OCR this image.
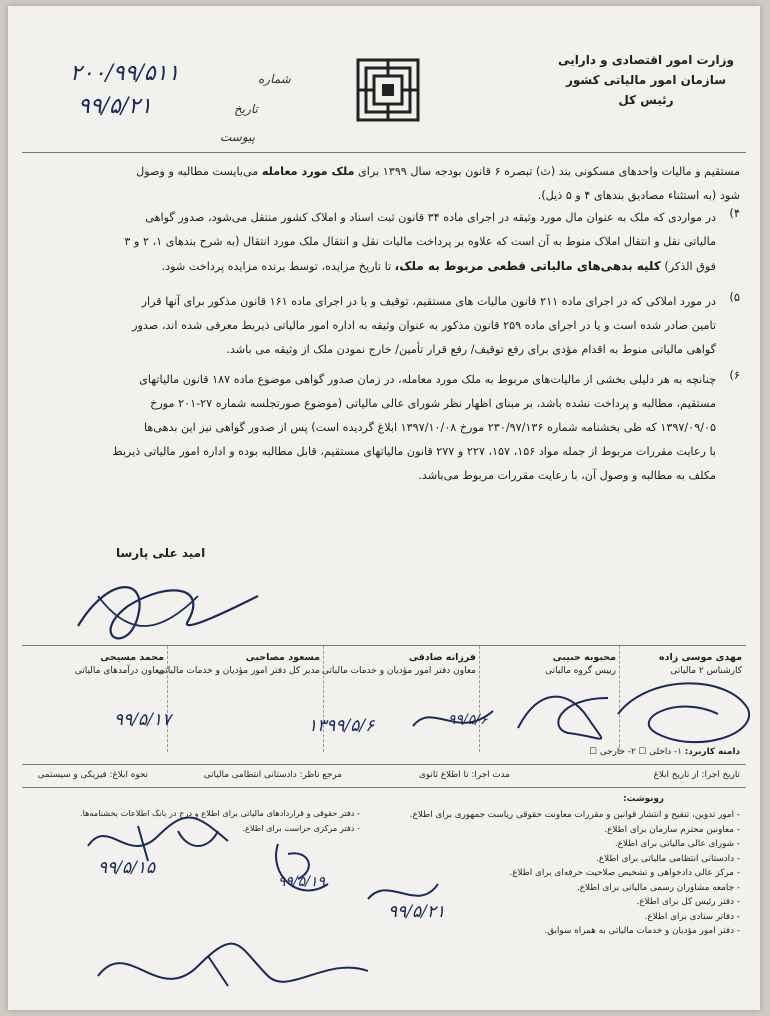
وزارت امور اقتصادی و دارایی
سازمان امور مالیاتی کشور
رئیس کل
شماره
۲۰۰/۹۹/۵۱۱
تاریخ
۹۹/۵/۲۱
پیوست
مستقیم و مالیات واحدهای مسکونی بند (ث) تبصره ۶ قانون بودجه سال ۱۳۹۹ برای ملک مورد معامله می‌بایست مطالبه و وصول
شود (به استثناء مصادیق بندهای ۴ و ۵ ذیل).
۴)
در مواردی که ملک به عنوان مال مورد وثیقه در اجرای ماده ۳۴ قانون ثبت اسناد و املاک کشور منتقل می‌شود، صدور گواهی
مالیاتی نقل و انتقال املاک منوط به آن است که علاوه بر پرداخت مالیات نقل و انتقال ملک مورد انتقال (به شرح بندهای ۱، ۲ و ۳
فوق الذکر) کلیه بدهی‌های مالیاتی قطعی مربوط به ملک، تا تاریخ مزایده، توسط برنده مزایده پرداخت شود.
۵)
در مورد املاکی که در اجرای ماده ۲۱۱ قانون مالیات های مستقیم، توقیف و یا در اجرای ماده ۱۶۱ قانون مذکور برای آنها قرار
تامین صادر شده است و یا در اجرای ماده ۲۵۹ قانون مذکور به عنوان وثیقه به اداره امور مالیاتی ذیربط معرفی شده اند، صدور
گواهی مالیاتی منوط به اقدام مؤدی برای رفع توقیف/ رفع قرار تأمین/ خارج نمودن ملک از وثیقه می باشد.
۶)
چنانچه به هر دلیلی بخشی از مالیات‌های مربوط به ملک مورد معامله، در زمان صدور گواهی موضوع ماده ۱۸۷ قانون مالیاتهای
مستقیم، مطالبه و پرداخت نشده باشد، بر مبنای اظهار نظر شورای عالی مالیاتی (موضوع صورتجلسه شماره ۲۷-۲۰۱ مورخ
۱۳۹۷/۰۹/۰۵ که طی بخشنامه شماره ۲۳۰/۹۷/۱۳۶ مورخ ۱۳۹۷/۱۰/۰۸ ابلاغ گردیده است) پس از صدور گواهی نیز این بدهی‌ها
با رعایت مقررات مربوط از جمله مواد ۱۵۶، ۱۵۷، ۲۲۷ و ۲۷۷ قانون مالیاتهای مستقیم، قابل مطالبه بوده و اداره امور مالیاتی ذیربط
مکلف به مطالبه و وصول آن، با رعایت مقررات مربوط می‌باشد.
امید علی پارسا
مهدی موسی زاده
کارشناس ۲ مالیاتی
محبوبه حبیبی
رییس گروه مالیاتی
فرزانه صادقی
معاون دفتر امور مؤدیان و خدمات مالیاتی
مسعود مصاحبی
مدیر کل دفتر امور مؤدیان و خدمات مالیاتی
محمد مسیحی
معاون درآمدهای مالیاتی
۹۹/۵/۱۷	۱۳۹۹/۵/۶	۹۹/۵/۶
دامنه کاربرد: ۱- داخلی ☐ ۲- خارجی ☐
تاریخ اجرا: از تاریخ ابلاغ
مدت اجرا: تا اطلاع ثانوی
مرجع ناظر: دادستانی انتظامی مالیاتی
نحوه ابلاغ: فیزیکی و سیستمی
رونوشت:
- امور تدوین، تنقیح و انتشار قوانین و مقررات معاونت حقوقی ریاست جمهوری برای اطلاع.
- معاونین محترم سازمان برای اطلاع.
- شورای عالی مالیاتی برای اطلاع.
- دادستانی انتظامی مالیاتی برای اطلاع.
- مرکز عالی دادخواهی و تشخیص صلاحیت حرفه‌ای برای اطلاع.
- جامعه مشاوران رسمی مالیاتی برای اطلاع.
- دفتر رئیس کل برای اطلاع.
- دفاتر ستادی برای اطلاع.
- دفتر امور مؤدیان و خدمات مالیاتی به همراه سوابق.
- دفتر حقوقی و قراردادهای مالیاتی برای اطلاع و درج در بانک اطلاعات بخشنامه‌ها.
- دفتر مرکزی حراست برای اطلاع.
۹۹/۵/۱۵
۹۹/۵/۱۹
۹۹/۵/۲۱
